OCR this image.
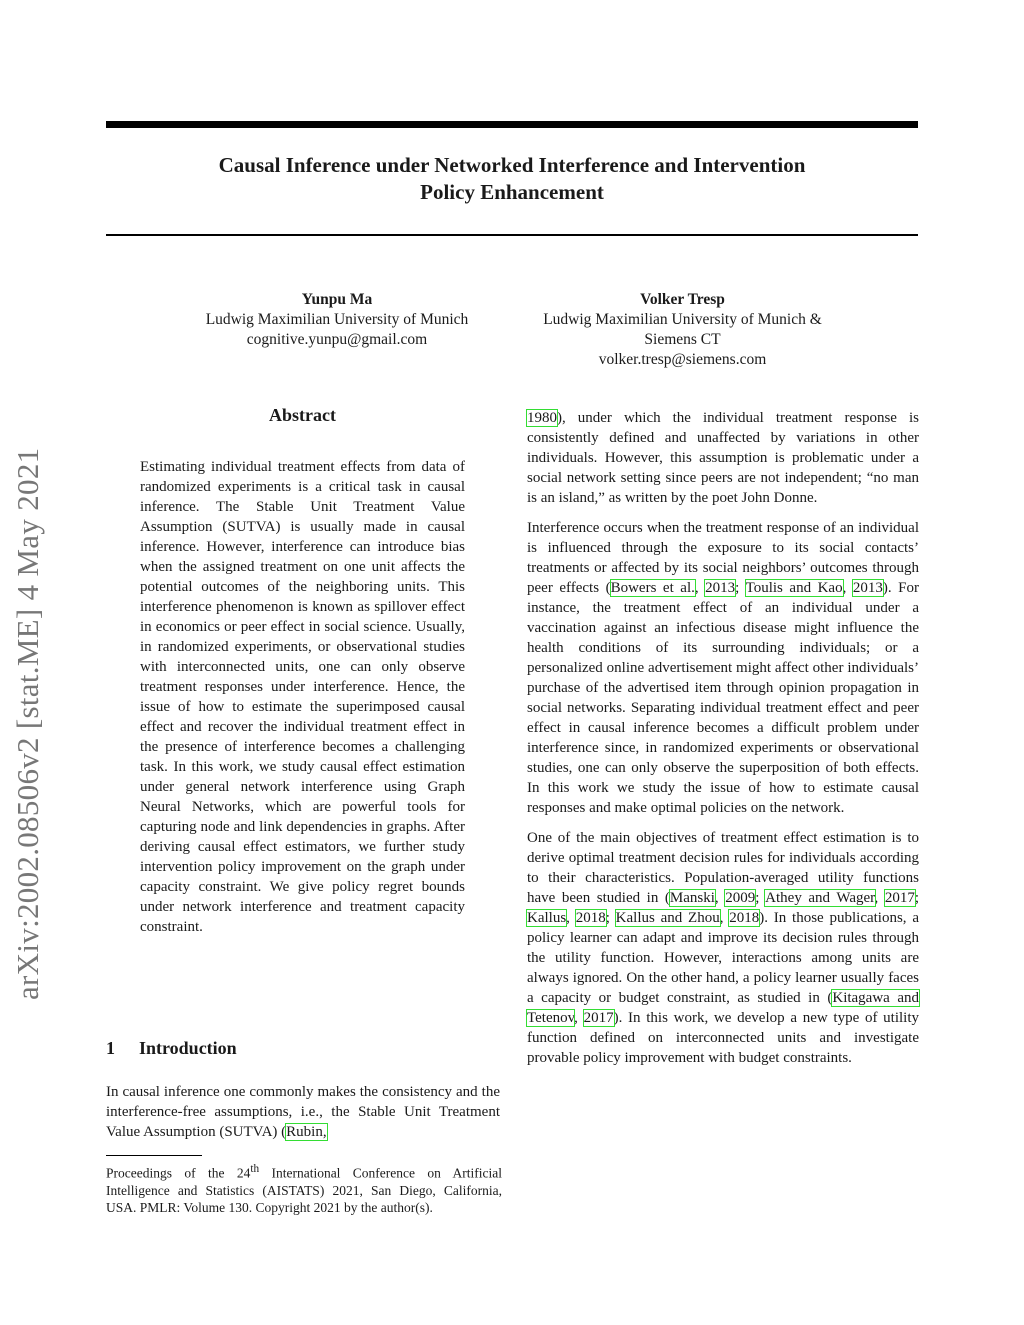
Causal Inference under Networked Interference and Intervention
Policy Enhancement
arXiv:2002.08506v2 [stat.ME] 4 May 2021
Yunpu Ma
Ludwig Maximilian University of Munich
cognitive.yunpu@gmail.com
Volker Tresp
Ludwig Maximilian University of Munich &
Siemens CT
volker.tresp@siemens.com
Abstract
Estimating individual treatment effects from data of randomized experiments is a critical task in causal inference. The Stable Unit Treatment Value Assumption (SUTVA) is usually made in causal inference. However, interference can introduce bias when the assigned treatment on one unit affects the potential outcomes of the neighboring units. This interference phenomenon is known as spillover effect in economics or peer effect in social science. Usually, in randomized experiments, or observational studies with interconnected units, one can only observe treatment responses under interference. Hence, the issue of how to estimate the superimposed causal effect and recover the individual treatment effect in the presence of interference becomes a challenging task. In this work, we study causal effect estimation under general network interference using Graph Neural Networks, which are powerful tools for capturing node and link dependencies in graphs. After deriving causal effect estimators, we further study intervention policy improvement on the graph under capacity constraint. We give policy regret bounds under network interference and treatment capacity constraint.
1 Introduction
In causal inference one commonly makes the consistency and the interference-free assumptions, i.e., the Stable Unit Treatment Value Assumption (SUTVA) (Rubin,
Proceedings of the 24th International Conference on Artificial Intelligence and Statistics (AISTATS) 2021, San Diego, California, USA. PMLR: Volume 130. Copyright 2021 by the author(s).

1980), under which the individual treatment response is consistently defined and unaffected by variations in other individuals. However, this assumption is problematic under a social network setting since peers are not independent; “no man is an island,” as written by the poet John Donne.

Interference occurs when the treatment response of an individual is influenced through the exposure to its social contacts’ treatments or affected by its social neighbors’ outcomes through peer effects (Bowers et al., 2013; Toulis and Kao, 2013). For instance, the treatment effect of an individual under a vaccination against an infectious disease might influence the health conditions of its surrounding individuals; or a personalized online advertisement might affect other individuals’ purchase of the advertised item through opinion propagation in social networks. Separating individual treatment effect and peer effect in causal inference becomes a difficult problem under interference since, in randomized experiments or observational studies, one can only observe the superposition of both effects. In this work we study the issue of how to estimate causal responses and make optimal policies on the network.

One of the main objectives of treatment effect estimation is to derive optimal treatment decision rules for individuals according to their characteristics. Population-averaged utility functions have been studied in (Manski, 2009; Athey and Wager, 2017; Kallus, 2018; Kallus and Zhou, 2018). In those publications, a policy learner can adapt and improve its decision rules through the utility function. However, interactions among units are always ignored. On the other hand, a policy learner usually faces a capacity or budget constraint, as studied in (Kitagawa and Tetenov, 2017). In this work, we develop a new type of utility function defined on interconnected units and investigate provable policy improvement with budget constraints.
